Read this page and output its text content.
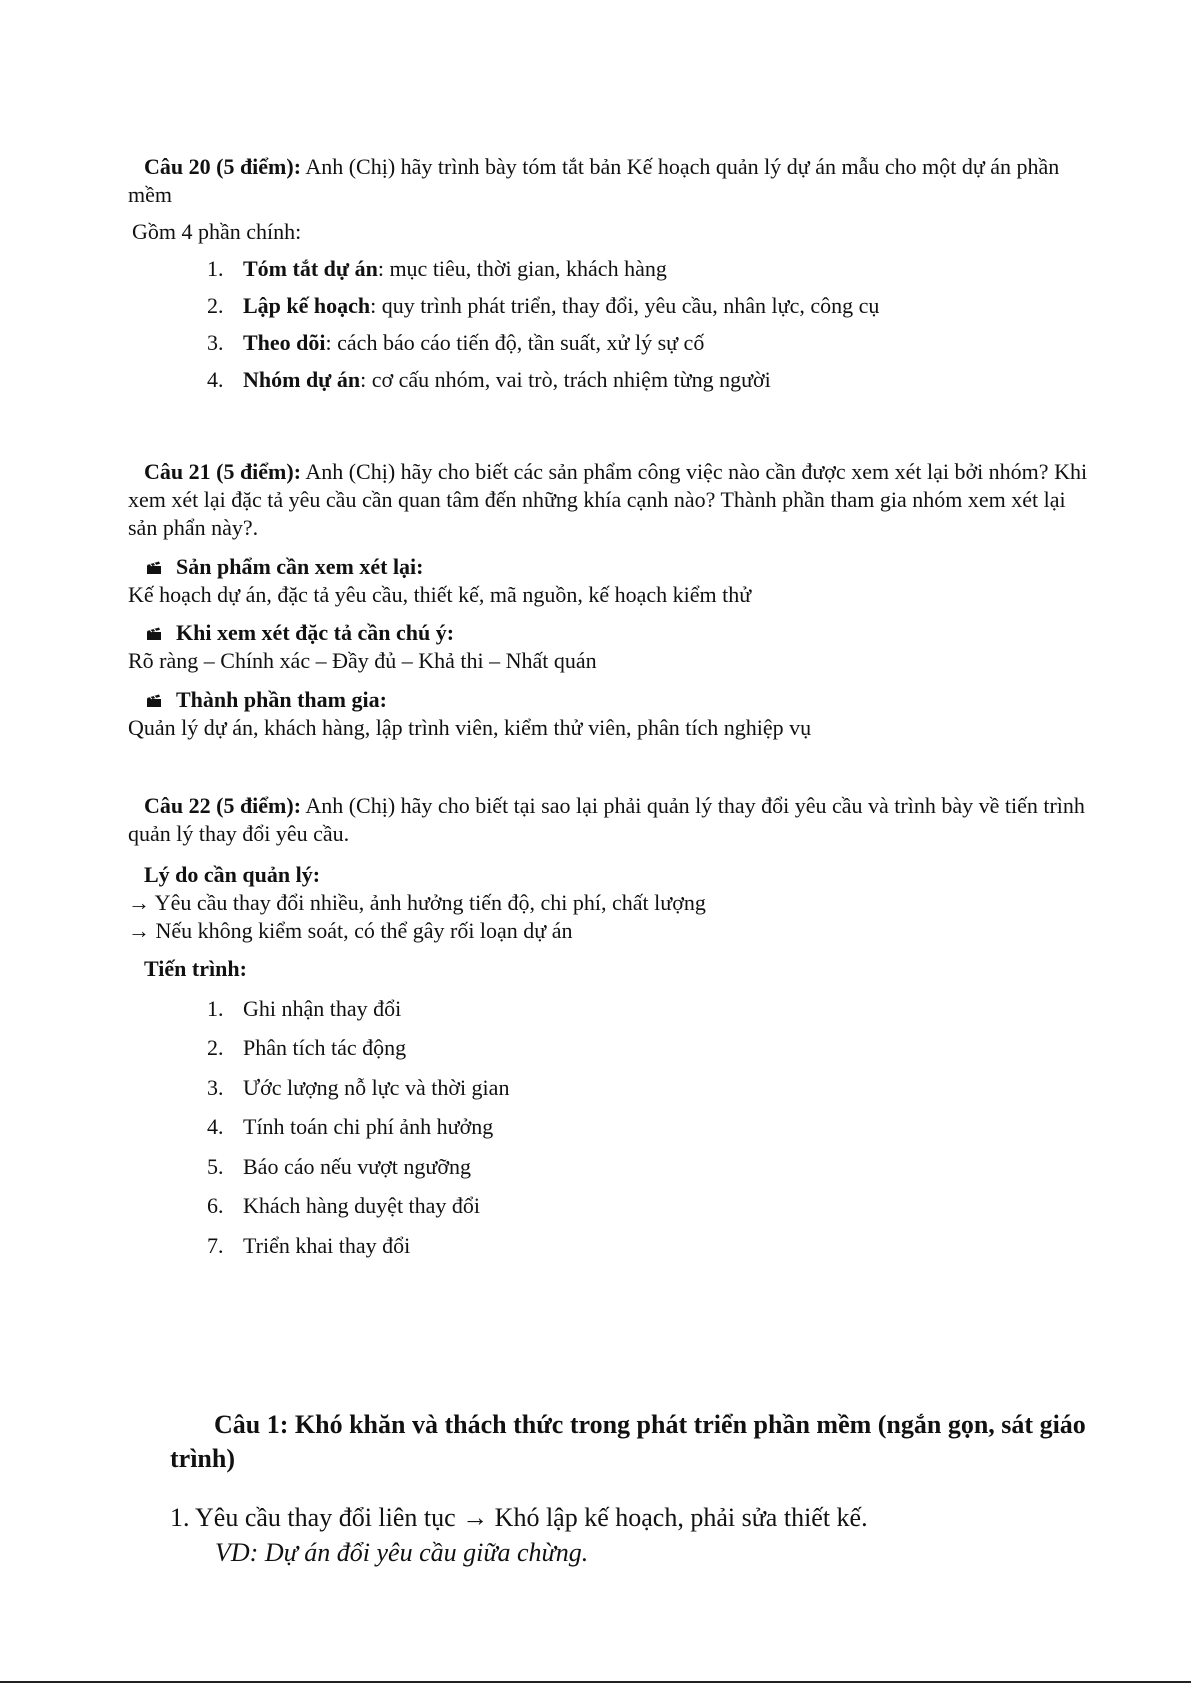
Câu 20 (5 điểm): Anh (Chị) hãy trình bày tóm tắt bản Kế hoạch quản lý dự án mẫu cho một dự án phần mềm
Gồm 4 phần chính:
1. Tóm tắt dự án: mục tiêu, thời gian, khách hàng
2. Lập kế hoạch: quy trình phát triển, thay đổi, yêu cầu, nhân lực, công cụ
3. Theo dõi: cách báo cáo tiến độ, tần suất, xử lý sự cố
4. Nhóm dự án: cơ cấu nhóm, vai trò, trách nhiệm từng người
Câu 21 (5 điểm): Anh (Chị) hãy cho biết các sản phẩm công việc nào cần được xem xét lại bởi nhóm? Khi xem xét lại đặc tả yêu cầu cần quan tâm đến những khía cạnh nào? Thành phần tham gia nhóm xem xét lại sản phẩn này?.
Sản phẩm cần xem xét lại:
Kế hoạch dự án, đặc tả yêu cầu, thiết kế, mã nguồn, kế hoạch kiểm thử
Khi xem xét đặc tả cần chú ý:
Rõ ràng – Chính xác – Đầy đủ – Khả thi – Nhất quán
Thành phần tham gia:
Quản lý dự án, khách hàng, lập trình viên, kiểm thử viên, phân tích nghiệp vụ
Câu 22 (5 điểm): Anh (Chị) hãy cho biết tại sao lại phải quản lý thay đổi yêu cầu và trình bày về tiến trình quản lý thay đổi yêu cầu.
Lý do cần quản lý:
→ Yêu cầu thay đổi nhiều, ảnh hưởng tiến độ, chi phí, chất lượng
→ Nếu không kiểm soát, có thể gây rối loạn dự án
Tiến trình:
1. Ghi nhận thay đổi
2. Phân tích tác động
3. Ước lượng nỗ lực và thời gian
4. Tính toán chi phí ảnh hưởng
5. Báo cáo nếu vượt ngưỡng
6. Khách hàng duyệt thay đổi
7. Triển khai thay đổi
Câu 1: Khó khăn và thách thức trong phát triển phần mềm (ngắn gọn, sát giáo trình)
1. Yêu cầu thay đổi liên tục → Khó lập kế hoạch, phải sửa thiết kế.
VD: Dự án đổi yêu cầu giữa chừng.
